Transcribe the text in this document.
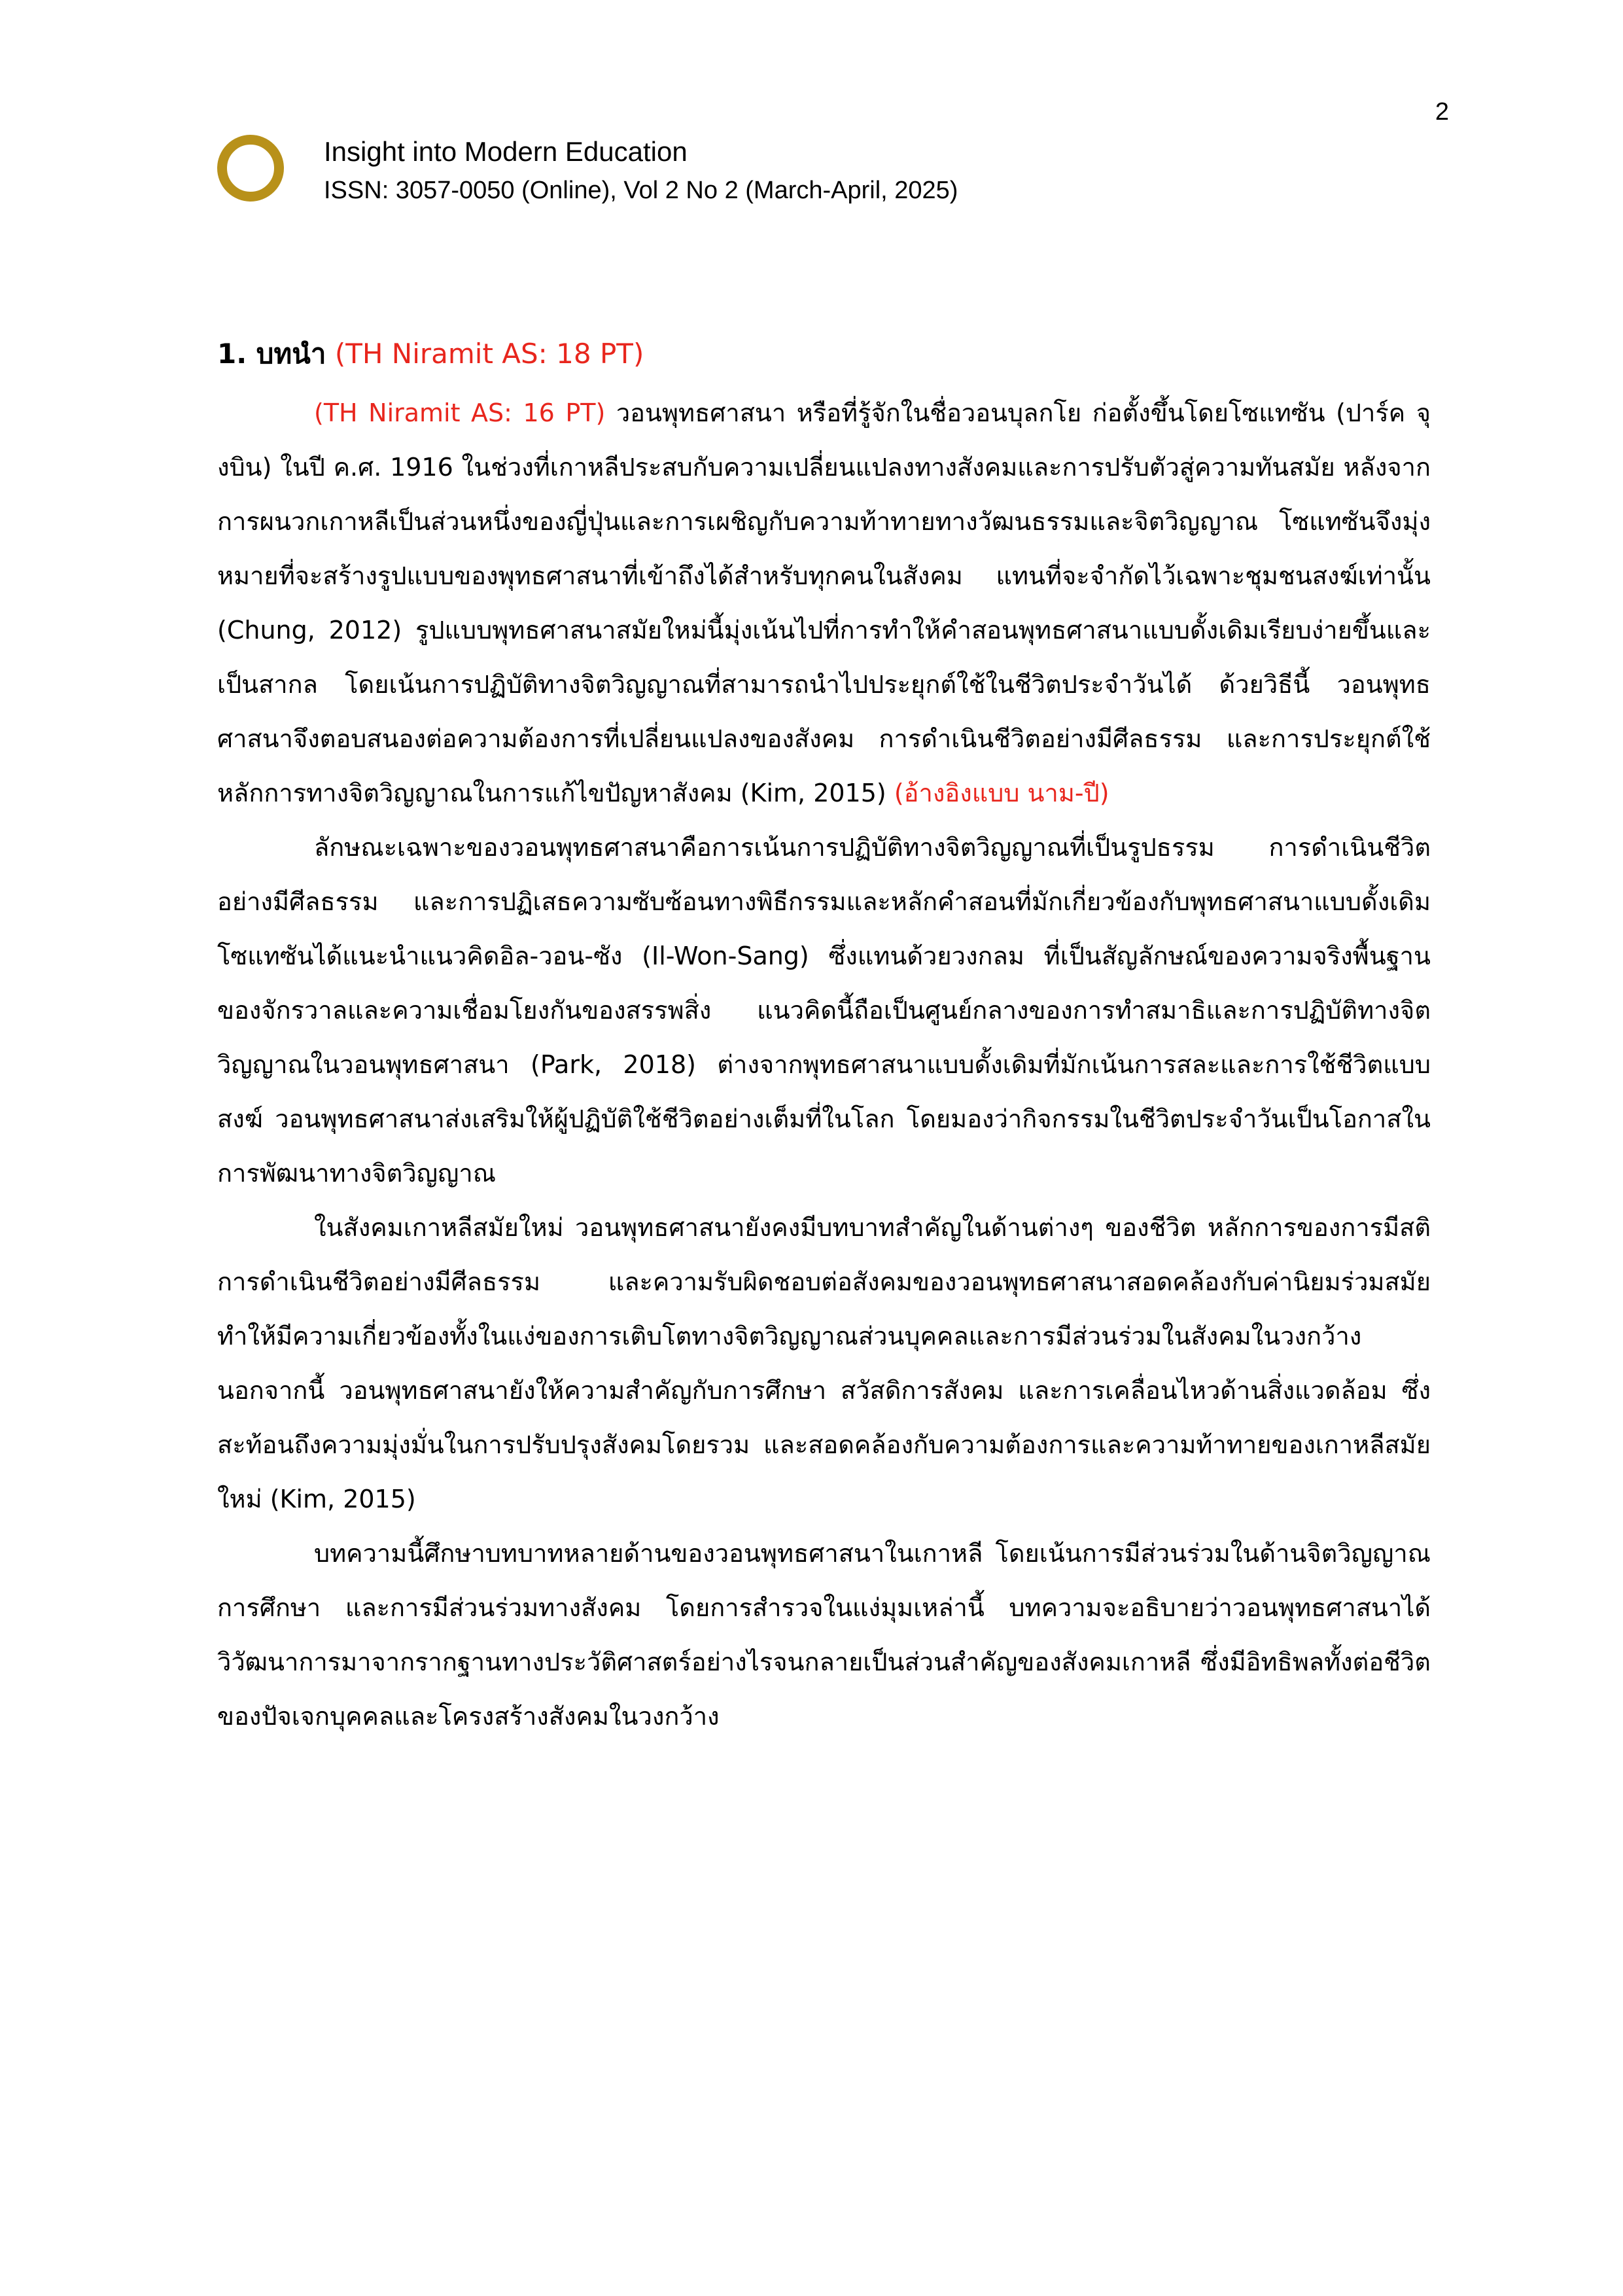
2
Insight into Modern Education
ISSN: 3057-0050 (Online), Vol 2 No 2 (March-April, 2025)
1. บทนำ (TH Niramit AS: 18 PT)

(TH Niramit AS: 16 PT) วอนพุทธศาสนา หรือที่รู้จักในชื่อวอนบุลกโย ก่อตั้งขึ้นโดยโซแทซัน (ปาร์ค จุงบิน) ในปี ค.ศ. 1916 ในช่วงที่เกาหลีประสบกับความเปลี่ยนแปลงทางสังคมและการปรับตัวสู่ความทันสมัย หลังจากการผนวกเกาหลีเป็นส่วนหนึ่งของญี่ปุ่นและการเผชิญกับความท้าทายทางวัฒนธรรมและจิตวิญญาณ โซแทซันจึงมุ่งหมายที่จะสร้างรูปแบบของพุทธศาสนาที่เข้าถึงได้สำหรับทุกคนในสังคม แทนที่จะจำกัดไว้เฉพาะชุมชนสงฆ์เท่านั้น (Chung, 2012) รูปแบบพุทธศาสนาสมัยใหม่นี้มุ่งเน้นไปที่การทำให้คำสอนพุทธศาสนาแบบดั้งเดิมเรียบง่ายขึ้นและเป็นสากล โดยเน้นการปฏิบัติทางจิตวิญญาณที่สามารถนำไปประยุกต์ใช้ในชีวิตประจำวันได้ ด้วยวิธีนี้ วอนพุทธศาสนาจึงตอบสนองต่อความต้องการที่เปลี่ยนแปลงของสังคม การดำเนินชีวิตอย่างมีศีลธรรม และการประยุกต์ใช้หลักการทางจิตวิญญาณในการแก้ไขปัญหาสังคม (Kim, 2015) (อ้างอิงแบบ นาม-ปี)

ลักษณะเฉพาะของวอนพุทธศาสนาคือการเน้นการปฏิบัติทางจิตวิญญาณที่เป็นรูปธรรม การดำเนินชีวิตอย่างมีศีลธรรม และการปฏิเสธความซับซ้อนทางพิธีกรรมและหลักคำสอนที่มักเกี่ยวข้องกับพุทธศาสนาแบบดั้งเดิม โซแทซันได้แนะนำแนวคิดอิล-วอน-ซัง (Il-Won-Sang) ซึ่งแทนด้วยวงกลม ที่เป็นสัญลักษณ์ของความจริงพื้นฐานของจักรวาลและความเชื่อมโยงกันของสรรพสิ่ง แนวคิดนี้ถือเป็นศูนย์กลางของการทำสมาธิและการปฏิบัติทางจิตวิญญาณในวอนพุทธศาสนา (Park, 2018) ต่างจากพุทธศาสนาแบบดั้งเดิมที่มักเน้นการสละและการใช้ชีวิตแบบสงฆ์ วอนพุทธศาสนาส่งเสริมให้ผู้ปฏิบัติใช้ชีวิตอย่างเต็มที่ในโลก โดยมองว่ากิจกรรมในชีวิตประจำวันเป็นโอกาสในการพัฒนาทางจิตวิญญาณ

ในสังคมเกาหลีสมัยใหม่ วอนพุทธศาสนายังคงมีบทบาทสำคัญในด้านต่างๆ ของชีวิต หลักการของการมีสติ การดำเนินชีวิตอย่างมีศีลธรรม และความรับผิดชอบต่อสังคมของวอนพุทธศาสนาสอดคล้องกับค่านิยมร่วมสมัย ทำให้มีความเกี่ยวข้องทั้งในแง่ของการเติบโตทางจิตวิญญาณส่วนบุคคลและการมีส่วนร่วมในสังคมในวงกว้าง นอกจากนี้ วอนพุทธศาสนายังให้ความสำคัญกับการศึกษา สวัสดิการสังคม และการเคลื่อนไหวด้านสิ่งแวดล้อม ซึ่งสะท้อนถึงความมุ่งมั่นในการปรับปรุงสังคมโดยรวม และสอดคล้องกับความต้องการและความท้าทายของเกาหลีสมัยใหม่ (Kim, 2015)

บทความนี้ศึกษาบทบาทหลายด้านของวอนพุทธศาสนาในเกาหลี โดยเน้นการมีส่วนร่วมในด้านจิตวิญญาณ การศึกษา และการมีส่วนร่วมทางสังคม โดยการสำรวจในแง่มุมเหล่านี้ บทความจะอธิบายว่าวอนพุทธศาสนาได้วิวัฒนาการมาจากรากฐานทางประวัติศาสตร์อย่างไรจนกลายเป็นส่วนสำคัญของสังคมเกาหลี ซึ่งมีอิทธิพลทั้งต่อชีวิตของปัจเจกบุคคลและโครงสร้างสังคมในวงกว้าง
